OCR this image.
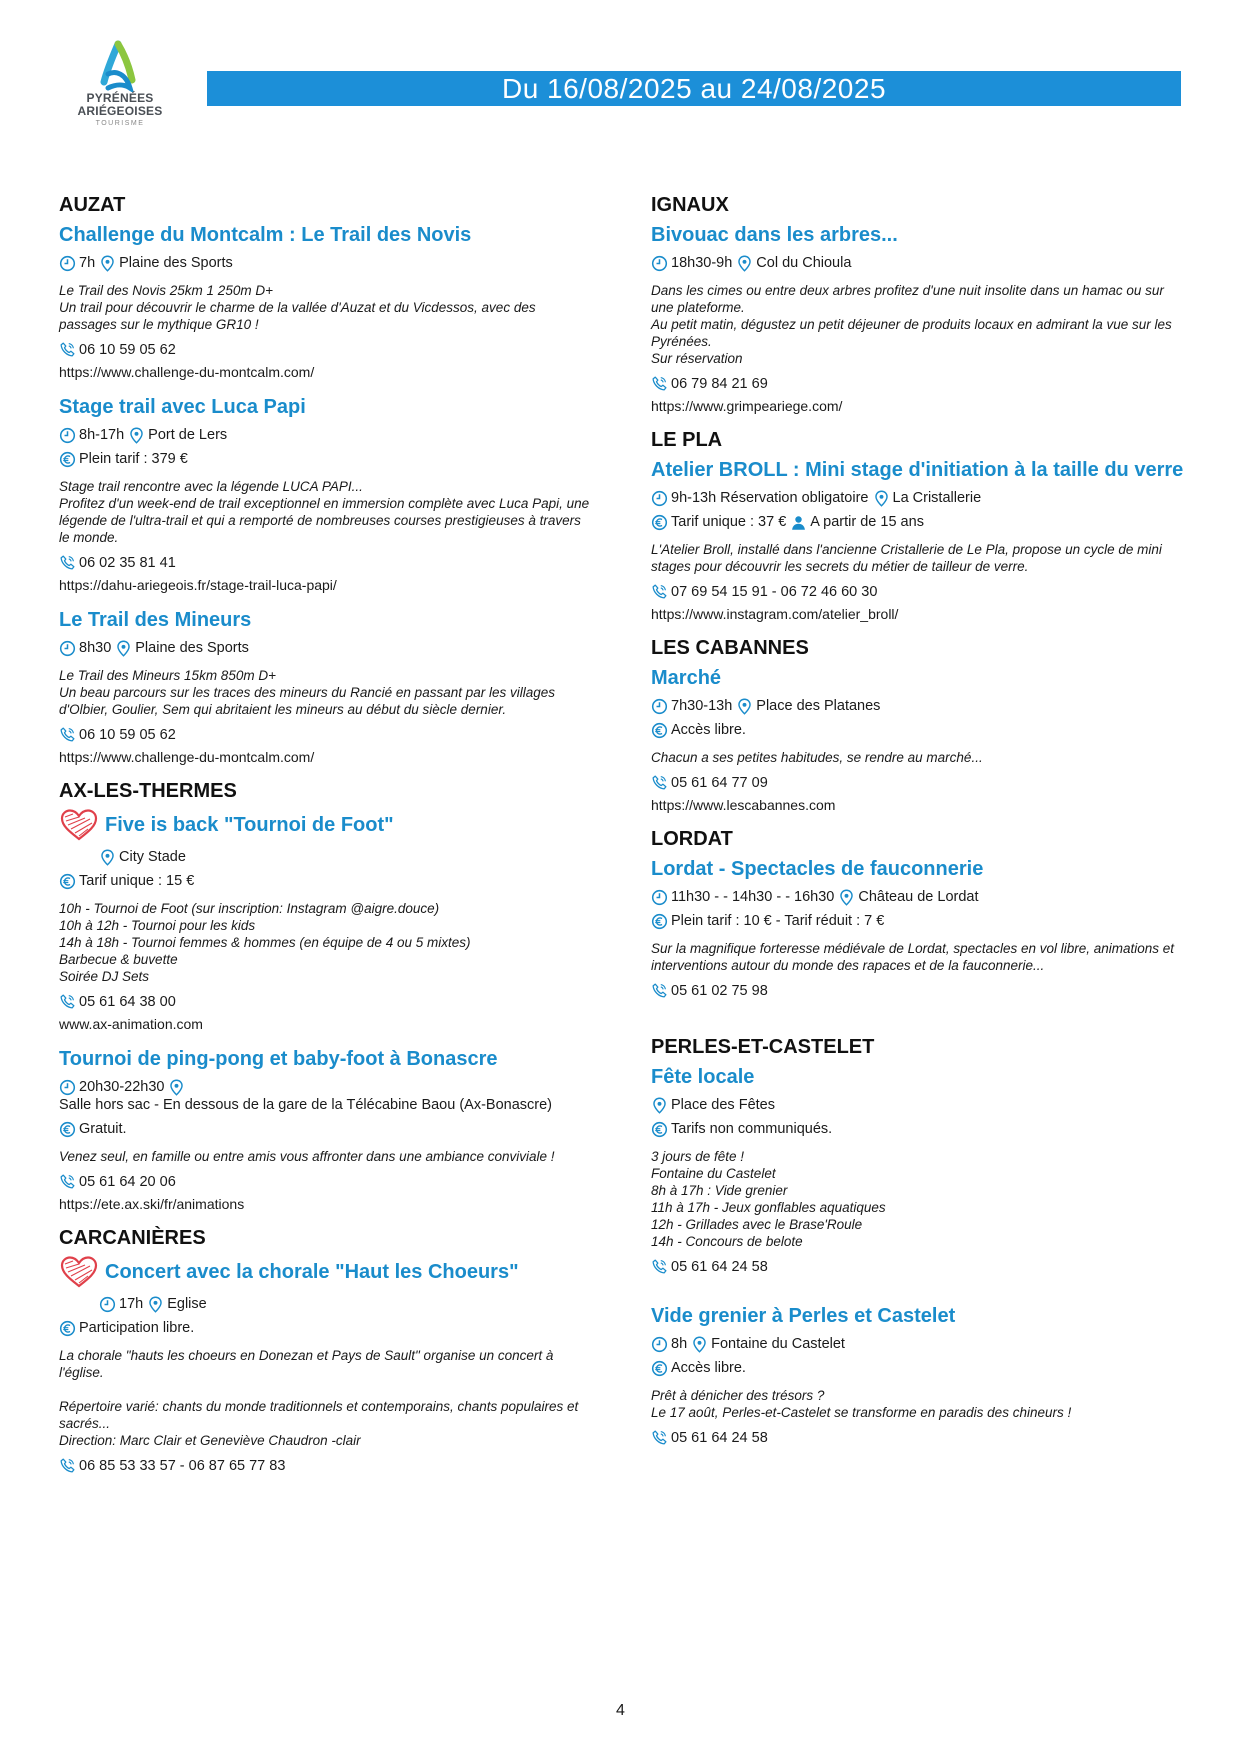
PYRÉNÉES
ARIÉGEOISES
TOURISME
Du 16/08/2025 au 24/08/2025
AUZAT
Challenge du Montcalm : Le Trail des Novis
7h Plaine des Sports
Le Trail des Novis 25km 1 250m D+
Un trail pour découvrir le charme de la vallée d'Auzat et du Vicdessos, avec des passages sur le mythique GR10 !
06 10 59 05 62
https://www.challenge-du-montcalm.com/
Stage trail avec Luca Papi
8h-17h Port de Lers
Plein tarif : 379 €
Stage trail rencontre avec la légende LUCA PAPI...
Profitez d'un week-end de trail exceptionnel en immersion complète avec Luca Papi, une légende de l'ultra-trail et qui a remporté de nombreuses courses prestigieuses à travers le monde.
06 02 35 81 41
https://dahu-ariegeois.fr/stage-trail-luca-papi/
Le Trail des Mineurs
8h30 Plaine des Sports
Le Trail des Mineurs 15km 850m D+
Un beau parcours sur les traces des mineurs du Rancié en passant par les villages d'Olbier, Goulier, Sem qui abritaient les mineurs au début du siècle dernier.
06 10 59 05 62
https://www.challenge-du-montcalm.com/
AX-LES-THERMES
Five is back "Tournoi de Foot"
City Stade
Tarif unique : 15 €
10h - Tournoi de Foot (sur inscription: Instagram @aigre.douce)
10h à 12h - Tournoi pour les kids
14h à 18h - Tournoi femmes & hommes (en équipe de 4 ou 5 mixtes)
Barbecue & buvette
Soirée DJ Sets
05 61 64 38 00
www.ax-animation.com
Tournoi de ping-pong et baby-foot à Bonascre
20h30-22h30
Salle hors sac - En dessous de la gare de la Télécabine Baou (Ax-Bonascre)
Gratuit.
Venez seul, en famille ou entre amis vous affronter dans une ambiance conviviale !
05 61 64 20 06
https://ete.ax.ski/fr/animations
CARCANIÈRES
Concert avec la chorale "Haut les Choeurs"
17h Eglise
Participation libre.
La chorale "hauts les choeurs en Donezan et Pays de Sault" organise un concert à l'église.

Répertoire varié: chants du monde traditionnels et contemporains, chants populaires et sacrés...
Direction: Marc Clair et Geneviève Chaudron -clair
06 85 53 33 57 - 06 87 65 77 83
IGNAUX
Bivouac dans les arbres...
18h30-9h Col du Chioula
Dans les cimes ou entre deux arbres profitez d'une nuit insolite dans un hamac ou sur une plateforme.
Au petit matin, dégustez un petit déjeuner de produits locaux en admirant la vue sur les Pyrénées.
Sur réservation
06 79 84 21 69
https://www.grimpeariege.com/
LE PLA
Atelier BROLL : Mini stage d'initiation à la taille du verre
9h-13h Réservation obligatoire La Cristallerie
Tarif unique : 37 € A partir de 15 ans
L'Atelier Broll, installé dans l'ancienne Cristallerie de Le Pla, propose un cycle de mini stages pour découvrir les secrets du métier de tailleur de verre.
07 69 54 15 91 - 06 72 46 60 30
https://www.instagram.com/atelier_broll/
LES CABANNES
Marché
7h30-13h Place des Platanes
Accès libre.
Chacun a ses petites habitudes, se rendre au marché...
05 61 64 77 09
https://www.lescabannes.com
LORDAT
Lordat - Spectacles de fauconnerie
11h30 - - 14h30 - - 16h30 Château de Lordat
Plein tarif : 10 € - Tarif réduit : 7 €
Sur la magnifique forteresse médiévale de Lordat, spectacles en vol libre, animations et interventions autour du monde des rapaces et de la fauconnerie...
05 61 02 75 98
PERLES-ET-CASTELET
Fête locale
Place des Fêtes
Tarifs non communiqués.
3 jours de fête !
Fontaine du Castelet
8h à 17h : Vide grenier
11h à 17h - Jeux gonflables aquatiques
12h - Grillades avec le Brase'Roule
14h - Concours de belote
05 61 64 24 58
Vide grenier à Perles et Castelet
8h Fontaine du Castelet
Accès libre.
Prêt à dénicher des trésors ?
Le 17 août, Perles-et-Castelet se transforme en paradis des chineurs !
05 61 64 24 58
4
